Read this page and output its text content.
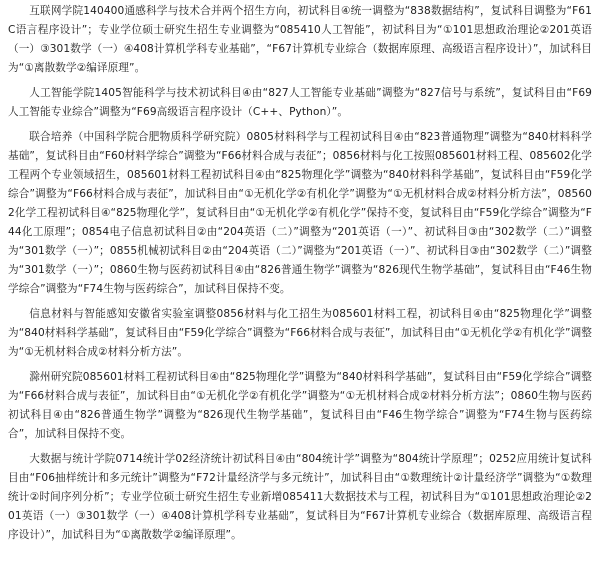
互联网学院140400通感科学与技术合并两个招生方向，初试科目④统一调整为“838数据结构”，复试科目调整为“F61 C语言程序设计”；专业学位硕士研究生招生专业调整为“085410人工智能”，初试科目为“①101思想政治理论②201英语（一）③301数学（一）④408计算机学科专业基础”，“F67计算机专业综合（数据库原理、高级语言程序设计）”，加试科目为“①离散数学②编译原理”。

人工智能学院1405智能科学与技术初试科目④由“827人工智能专业基础”调整为“827信号与系统”，复试科目由“F69人工智能专业综合”调整为“F69高级语言程序设计（C++、Python）”。

联合培养（中国科学院合肥物质科学研究院）0805材料科学与工程初试科目④由“823普通物理”调整为“840材料科学基础”，复试科目由“F60材料学综合”调整为“F66材料合成与表征”；0856材料与化工按照085601材料工程、085602化学工程两个专业领域招生，085601材料工程初试科目④由“825物理化学”调整为“840材料科学基础”，复试科目由“F59化学综合”调整为“F66材料合成与表征”，加试科目由“①无机化学②有机化学”调整为“①无机材料合成②材料分析方法”，085602化学工程初试科目④“825物理化学”，复试科目由“①无机化学②有机化学”保持不变，复试科目由“F59化学综合”调整为“F44化工原理”；0854电子信息初试科目②由“204英语（二）”调整为“201英语（一）”、初试科目③由“302数学（二）”调整为“301数学（一）”；0855机械初试科目②由“204英语（二）”调整为“201英语（一）”、初试科目③由“302数学（二）”调整为“301数学（一）”；0860生物与医药初试科目④由“826普通生物学”调整为“826现代生物学基础”，复试科目由“F46生物学综合”调整为“F74生物与医药综合”，加试科目保持不变。

信息材料与智能感知安徽省实验室调整0856材料与化工招生为085601材料工程，初试科目④由“825物理化学”调整为“840材料科学基础”，复试科目由“F59化学综合”调整为“F66材料合成与表征”，加试科目由“①无机化学②有机化学”调整为“①无机材料合成②材料分析方法”。

滁州研究院085601材料工程初试科目④由“825物理化学”调整为“840材料科学基础”，复试科目由“F59化学综合”调整为“F66材料合成与表征”，加试科目由“①无机化学②有机化学”调整为“①无机材料合成②材料分析方法”；0860生物与医药初试科目④由“826普通生物学”调整为“826现代生物学基础”，复试科目由“F46生物学综合”调整为“F74生物与医药综合”，加试科目保持不变。

大数据与统计学院0714统计学02经济统计初试科目④由“804统计学”调整为“804统计学原理”；0252应用统计复试科目由“F06抽样统计和多元统计”调整为“F72计量经济学与多元统计”，加试科目由“①数理统计②计量经济学”调整为“①数理统计②时间序列分析”；专业学位硕士研究生招生专业新增085411大数据技术与工程，初试科目为“①101思想政治理论②201英语（一）③301数学（一）④408计算机学科专业基础”，复试科目为“F67计算机专业综合（数据库原理、高级语言程序设计）”，加试科目为“①离散数学②编译原理”。
